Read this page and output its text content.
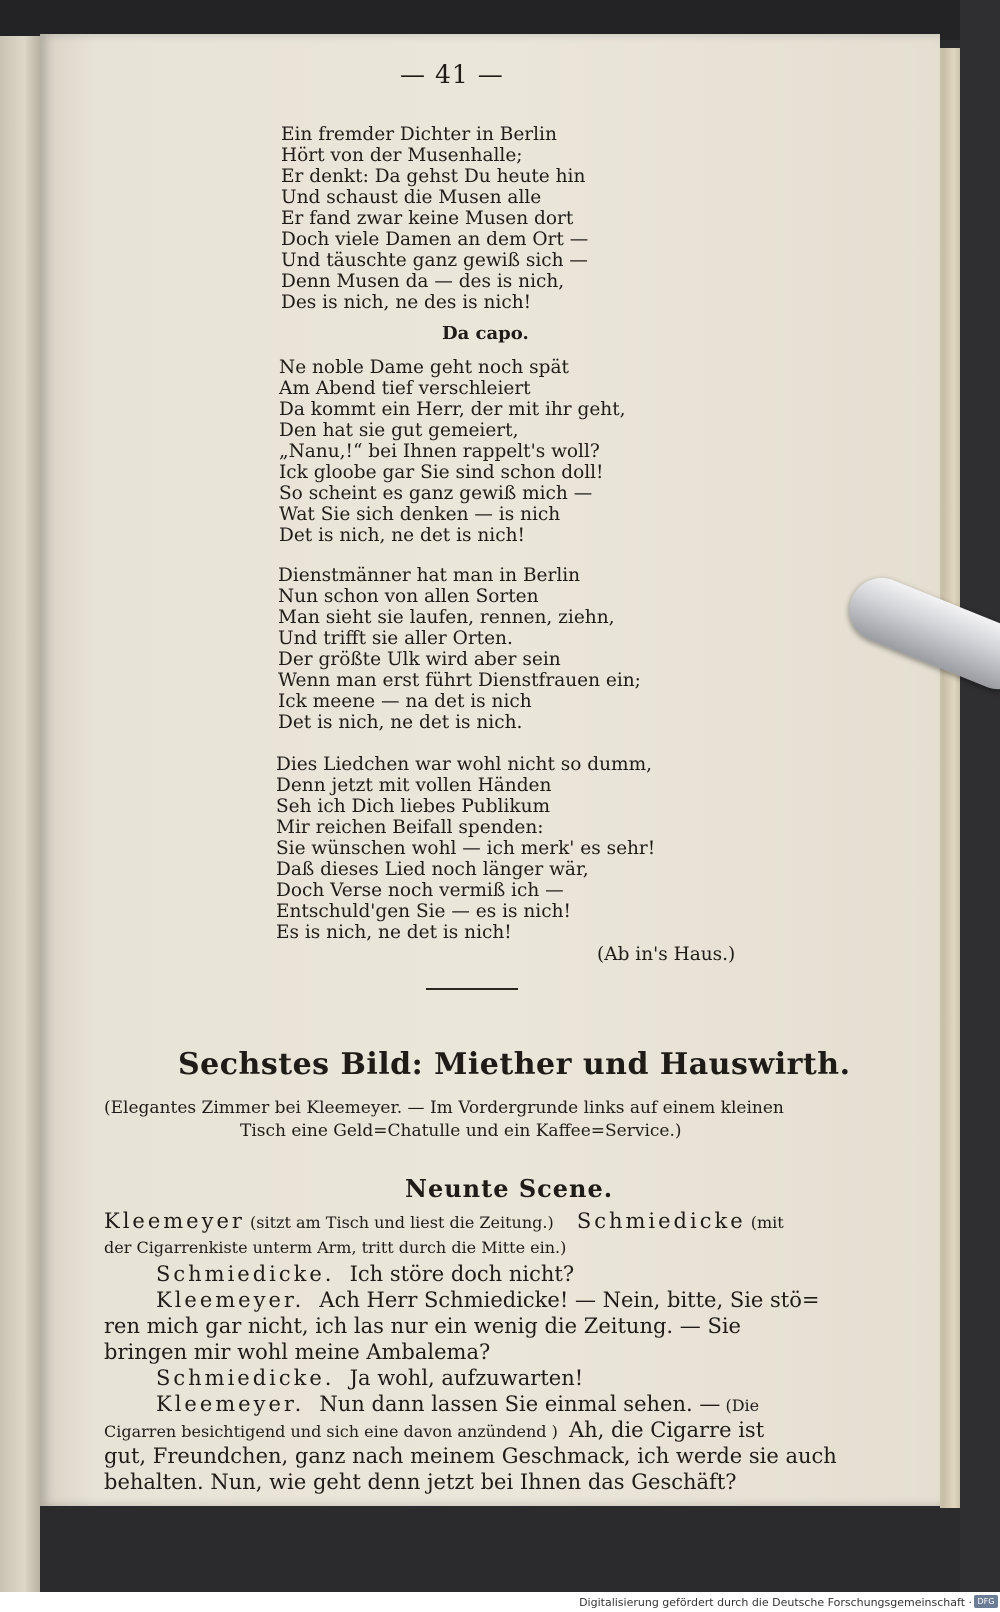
— 41 —
Ein fremder Dichter in Berlin
Hört von der Musenhalle;
Er denkt: Da gehst Du heute hin
Und schaust die Musen alle
Er fand zwar keine Musen dort
Doch viele Damen an dem Ort —
Und täuschte ganz gewiß sich —
Denn Musen da — des is nich,
Des is nich, ne des is nich!
Da capo.
Ne noble Dame geht noch spät
Am Abend tief verschleiert
Da kommt ein Herr, der mit ihr geht,
Den hat sie gut gemeiert,
„Nanu,!“ bei Ihnen rappelt's woll?
Ick gloobe gar Sie sind schon doll!
So scheint es ganz gewiß mich —
Wat Sie sich denken — is nich
Det is nich, ne det is nich!
Dienstmänner hat man in Berlin
Nun schon von allen Sorten
Man sieht sie laufen, rennen, ziehn,
Und trifft sie aller Orten.
Der größte Ulk wird aber sein
Wenn man erst führt Dienstfrauen ein;
Ick meene — na det is nich
Det is nich, ne det is nich.
Dies Liedchen war wohl nicht so dumm,
Denn jetzt mit vollen Händen
Seh ich Dich liebes Publikum
Mir reichen Beifall spenden:
Sie wünschen wohl — ich merk' es sehr!
Daß dieses Lied noch länger wär,
Doch Verse noch vermiß ich —
Entschuld'gen Sie — es is nich!
Es is nich, ne det is nich!
(Ab in's Haus.)
Sechstes Bild: Miether und Hauswirth.
(Elegantes Zimmer bei Kleemeyer. — Im Vordergrunde links auf einem kleinen
Tisch eine Geld=Chatulle und ein Kaffee=Service.)
Neunte Scene.
Kleemeyer (sitzt am Tisch und liest die Zeitung.) Schmiedicke (mit
der Cigarrenkiste unterm Arm, tritt durch die Mitte ein.)
Schmiedicke. Ich störe doch nicht?
Kleemeyer. Ach Herr Schmiedicke! — Nein, bitte, Sie stö=
ren mich gar nicht, ich las nur ein wenig die Zeitung. — Sie
bringen mir wohl meine Ambalema?
Schmiedicke. Ja wohl, aufzuwarten!
Kleemeyer. Nun dann lassen Sie einmal sehen. — (Die
Cigarren besichtigend und sich eine davon anzündend ) Ah, die Cigarre ist
gut, Freundchen, ganz nach meinem Geschmack, ich werde sie auch
behalten. Nun, wie geht denn jetzt bei Ihnen das Geschäft?
Digitalisierung gefördert durch die Deutsche Forschungsgemeinschaft · DFG
